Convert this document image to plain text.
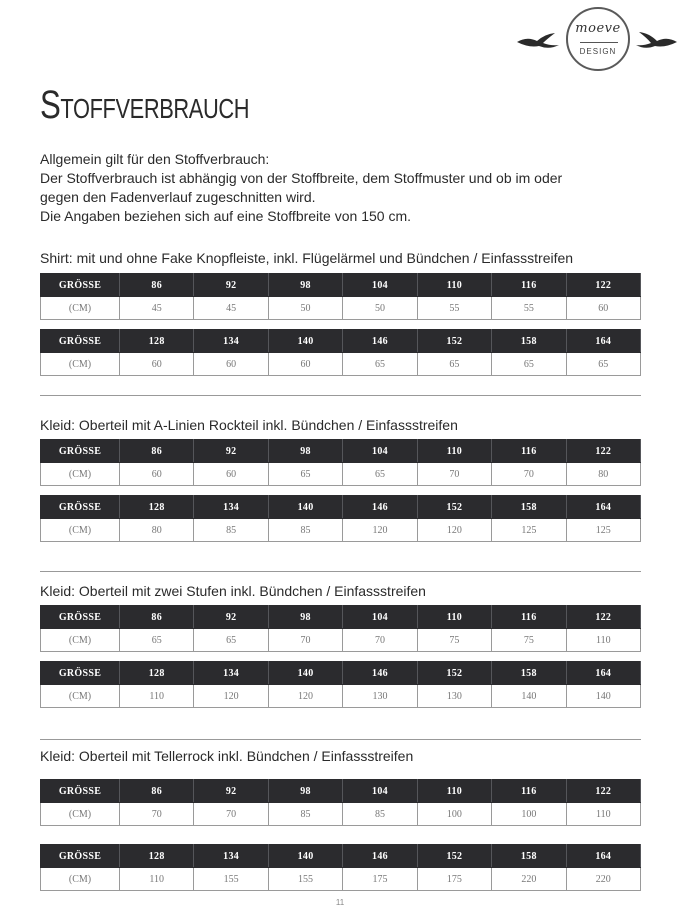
moeve
DESIGN
Stoffverbrauch
Allgemein gilt für den Stoffverbrauch:
Der Stoffverbrauch ist abhängig von der Stoffbreite, dem Stoffmuster und ob im oder
gegen den Fadenverlauf zugeschnitten wird.
Die Angaben beziehen sich auf eine Stoffbreite von 150 cm.
Shirt: mit und ohne Fake Knopfleiste, inkl. Flügelärmel und Bündchen / Einfassstreifen
GRÖSSE	86	92	98	104	110	116	122
(CM)	45	45	50	50	55	55	60
GRÖSSE	128	134	140	146	152	158	164
(CM)	60	60	60	65	65	65	65
Kleid: Oberteil mit A-Linien Rockteil inkl. Bündchen / Einfassstreifen
GRÖSSE	86	92	98	104	110	116	122
(CM)	60	60	65	65	70	70	80
GRÖSSE	128	134	140	146	152	158	164
(CM)	80	85	85	120	120	125	125
Kleid: Oberteil mit zwei Stufen inkl. Bündchen / Einfassstreifen
GRÖSSE	86	92	98	104	110	116	122
(CM)	65	65	70	70	75	75	110
GRÖSSE	128	134	140	146	152	158	164
(CM)	110	120	120	130	130	140	140
Kleid: Oberteil mit Tellerrock inkl. Bündchen / Einfassstreifen
GRÖSSE	86	92	98	104	110	116	122
(CM)	70	70	85	85	100	100	110
GRÖSSE	128	134	140	146	152	158	164
(CM)	110	155	155	175	175	220	220
11
